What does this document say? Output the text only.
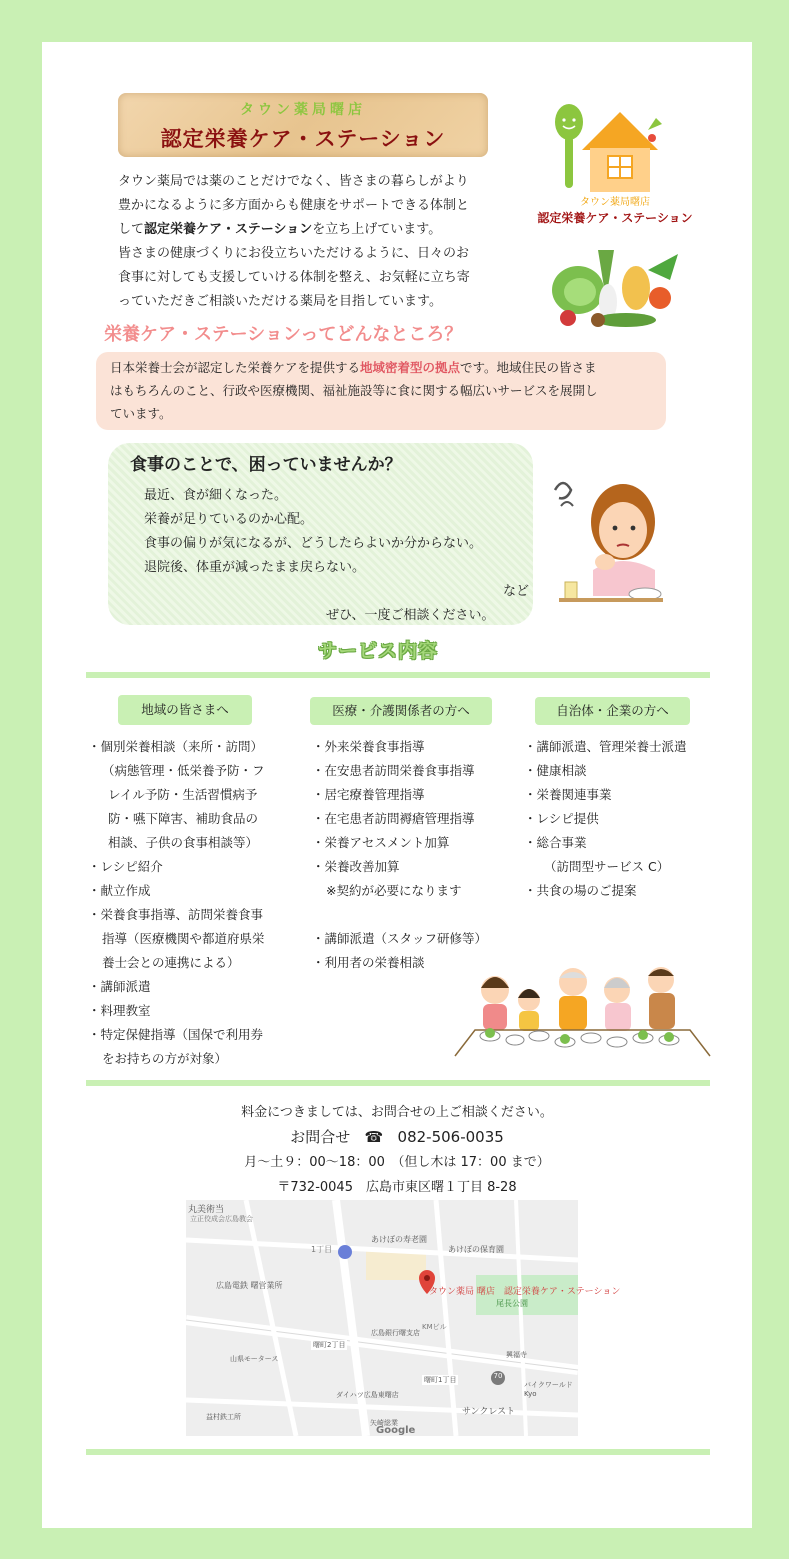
タウン薬局曙店
認定栄養ケア・ステーション

タウン薬局では薬のことだけでなく、皆さまの暮らしがより

豊かになるように多方面からも健康をサポートできる体制と

して認定栄養ケア・ステーションを立ち上げています。

皆さまの健康づくりにお役立ちいただけるように、日々のお

食事に対しても支援していける体制を整え、お気軽に立ち寄

っていただきご相談いただける薬局を目指しています。

タウン薬局曙店
認定栄養ケア・ステーション
栄養ケア・ステーションってどんなところ？
日本栄養士会が認定した栄養ケアを提供する地域密着型の拠点です。地域住民の皆さま
はもちろんのこと、行政や医療機関、福祉施設等に食に関する幅広いサービスを展開し
ています。
食事のことで、困っていませんか？
最近、食が細くなった。
栄養が足りているのか心配。
食事の偏りが気になるが、どうしたらよいか分からない。
退院後、体重が減ったまま戻らない。
など
ぜひ、一度ご相談ください。
サービス内容
地域の皆さまへ	医療・介護関係者の方へ	自治体・企業の方へ
・個別栄養相談（来所・訪問）
（病態管理・低栄養予防・フ
レイル予防・生活習慣病予
防・嚥下障害、補助食品の
相談、子供の食事相談等）
・レシピ紹介
・献立作成
・栄養食事指導、訪問栄養食事
指導（医療機関や都道府県栄
養士会との連携による）
・講師派遣
・料理教室
・特定保健指導（国保で利用券
をお持ちの方が対象）
・外来栄養食事指導
・在安患者訪問栄養食事指導
・居宅療養管理指導
・在宅患者訪問褥瘡管理指導
・栄養アセスメント加算
・栄養改善加算
※契約が必要になります
・講師派遣（スタッフ研修等）
・利用者の栄養相談
・講師派遣、管理栄養士派遣
・健康相談
・栄養関連事業
・レシピ提供
・総合事業
（訪問型サービス C）
・共食の場のご提案
料金につきましては、お問合せの上ご相談ください。
お問合せ ☎ 082-506-0035
月〜土９：00〜18：00　（但し木は 17：00 まで）
〒732-0045　広島市東区曙１丁目 8-28
丸美術当
立正佼成会広島教会
広島電鉄 曙営業所
1丁目
あけぼの寿老園
あけぼの保育園
タウン薬局 曙店　認定栄養ケア・ステーション
尾長公園
KMビル
広島銀行曙支店
曙町2丁目
山県モータース	興福寺
曙町1丁目
ダイハツ広島東曙店
バイクワールド Kyo
益村鉄工所	サンクレスト
矢崎総業
Google
70
